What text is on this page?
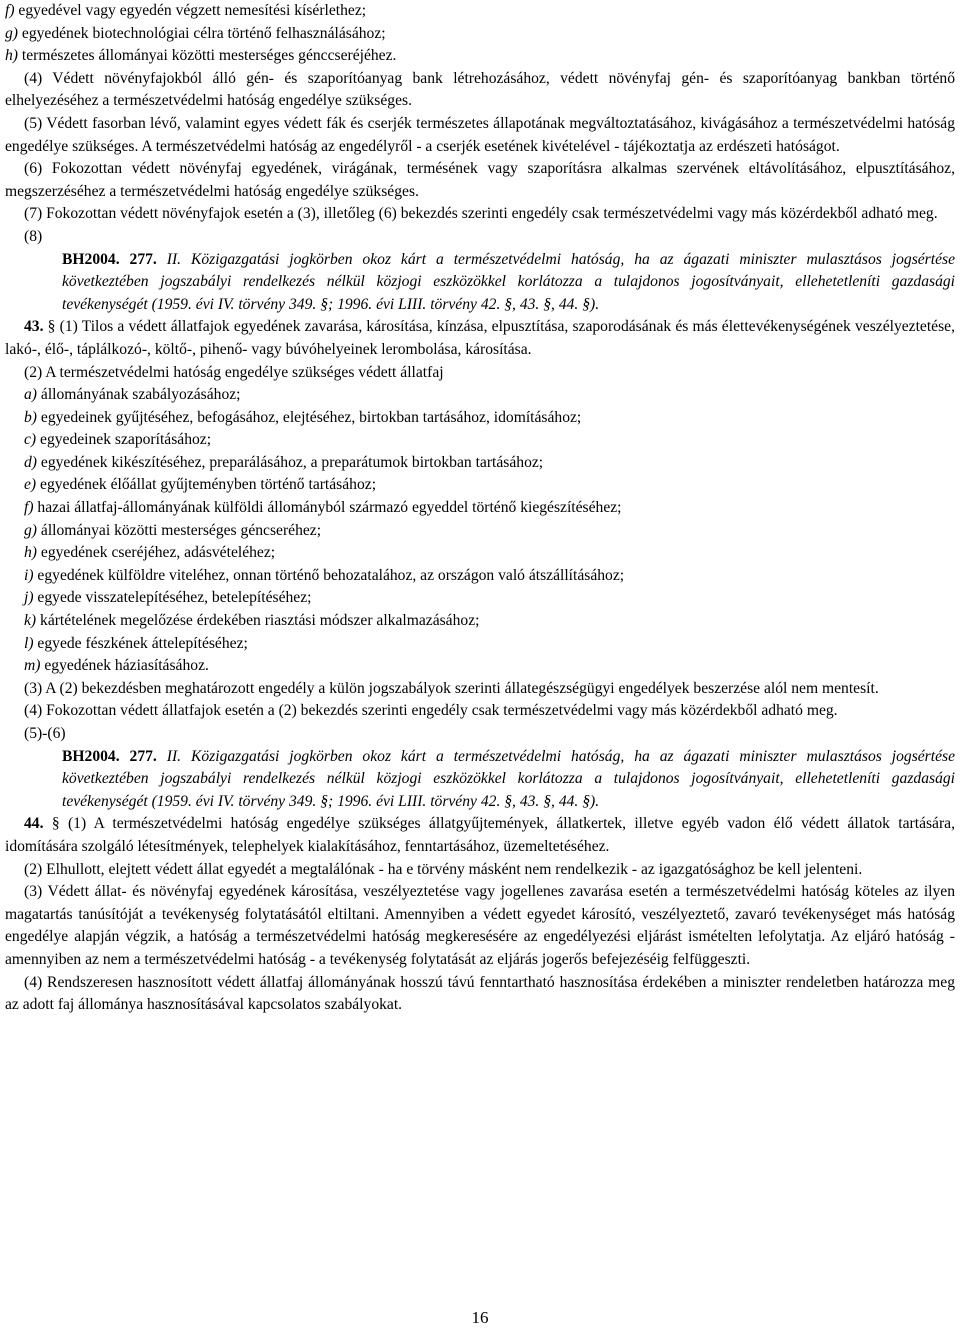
f) egyedével vagy egyedén végzett nemesítési kísérlethez;

g) egyedének biotechnológiai célra történő felhasználásához;

h) természetes állományai közötti mesterséges génccseréjéhez.

(4) Védett növényfajokból álló gén- és szaporítóanyag bank létrehozásához, védett növényfaj gén- és szaporítóanyag bankban történő elhelyezéséhez a természetvédelmi hatóság engedélye szükséges.

(5) Védett fasorban lévő, valamint egyes védett fák és cserjék természetes állapotának megváltoztatásához, kivágásához a természetvédelmi hatóság engedélye szükséges. A természetvédelmi hatóság az engedélyről - a cserjék esetének kivételével - tájékoztatja az erdészeti hatóságot.

(6) Fokozottan védett növényfaj egyedének, virágának, termésének vagy szaporításra alkalmas szervének eltávolításához, elpusztításához, megszerzéséhez a természetvédelmi hatóság engedélye szükséges.

(7) Fokozottan védett növényfajok esetén a (3), illetőleg (6) bekezdés szerinti engedély csak természetvédelmi vagy más közérdekből adható meg.

(8)

BH2004. 277. II. Közigazgatási jogkörben okoz kárt a természetvédelmi hatóság, ha az ágazati miniszter mulasztásos jogsértése következtében jogszabályi rendelkezés nélkül közjogi eszközökkel korlátozza a tulajdonos jogosítványait, ellehetetleníti gazdasági tevékenységét (1959. évi IV. törvény 349. §; 1996. évi LIII. törvény 42. §, 43. §, 44. §).

43. § (1) Tilos a védett állatfajok egyedének zavarása, károsítása, kínzása, elpusztítása, szaporodásának és más élettevékenységének veszélyeztetése, lakó-, élő-, táplálkozó-, költő-, pihenő- vagy búvóhelyeinek lerombolása, károsítása.

(2) A természetvédelmi hatóság engedélye szükséges védett állatfaj

a) állományának szabályozásához;

b) egyedeinek gyűjtéséhez, befogásához, elejtéséhez, birtokban tartásához, idomításához;

c) egyedeinek szaporításához;

d) egyedének kikészítéséhez, preparálásához, a preparátumok birtokban tartásához;

e) egyedének élőállat gyűjteményben történő tartásához;

f) hazai állatfaj-állományának külföldi állományból származó egyeddel történő kiegészítéséhez;

g) állományai közötti mesterséges géncseréhez;

h) egyedének cseréjéhez, adásvételéhez;

i) egyedének külföldre viteléhez, onnan történő behozatalához, az országon való átszállításához;

j) egyede visszatelepítéséhez, betelepítéséhez;

k) kártételének megelőzése érdekében riasztási módszer alkalmazásához;

l) egyede fészkének áttelepítéséhez;

m) egyedének háziasításához.

(3) A (2) bekezdésben meghatározott engedély a külön jogszabályok szerinti állategészségügyi engedélyek beszerzése alól nem mentesít.

(4) Fokozottan védett állatfajok esetén a (2) bekezdés szerinti engedély csak természetvédelmi vagy más közérdekből adható meg.

(5)-(6)

BH2004. 277. II. Közigazgatási jogkörben okoz kárt a természetvédelmi hatóság, ha az ágazati miniszter mulasztásos jogsértése következtében jogszabályi rendelkezés nélkül közjogi eszközökkel korlátozza a tulajdonos jogosítványait, ellehetetleníti gazdasági tevékenységét (1959. évi IV. törvény 349. §; 1996. évi LIII. törvény 42. §, 43. §, 44. §).

44. § (1) A természetvédelmi hatóság engedélye szükséges állatgyűjtemények, állatkertek, illetve egyéb vadon élő védett állatok tartására, idomítására szolgáló létesítmények, telephelyek kialakításához, fenntartásához, üzemeltetéséhez.

(2) Elhullott, elejtett védett állat egyedét a megtalálónak - ha e törvény másként nem rendelkezik - az igazgatósághoz be kell jelenteni.

(3) Védett állat- és növényfaj egyedének károsítása, veszélyeztetése vagy jogellenes zavarása esetén a természetvédelmi hatóság köteles az ilyen magatartás tanúsítóját a tevékenység folytatásától eltiltani. Amennyiben a védett egyedet károsító, veszélyeztető, zavaró tevékenységet más hatóság engedélye alapján végzik, a hatóság a természetvédelmi hatóság megkeresésére az engedélyezési eljárást ismételten lefolytatja. Az eljáró hatóság - amennyiben az nem a természetvédelmi hatóság - a tevékenység folytatását az eljárás jogerős befejezéséig felfüggeszti.

(4) Rendszeresen hasznosított védett állatfaj állományának hosszú távú fenntartható hasznosítása érdekében a miniszter rendeletben határozza meg az adott faj állománya hasznosításával kapcsolatos szabályokat.

16
